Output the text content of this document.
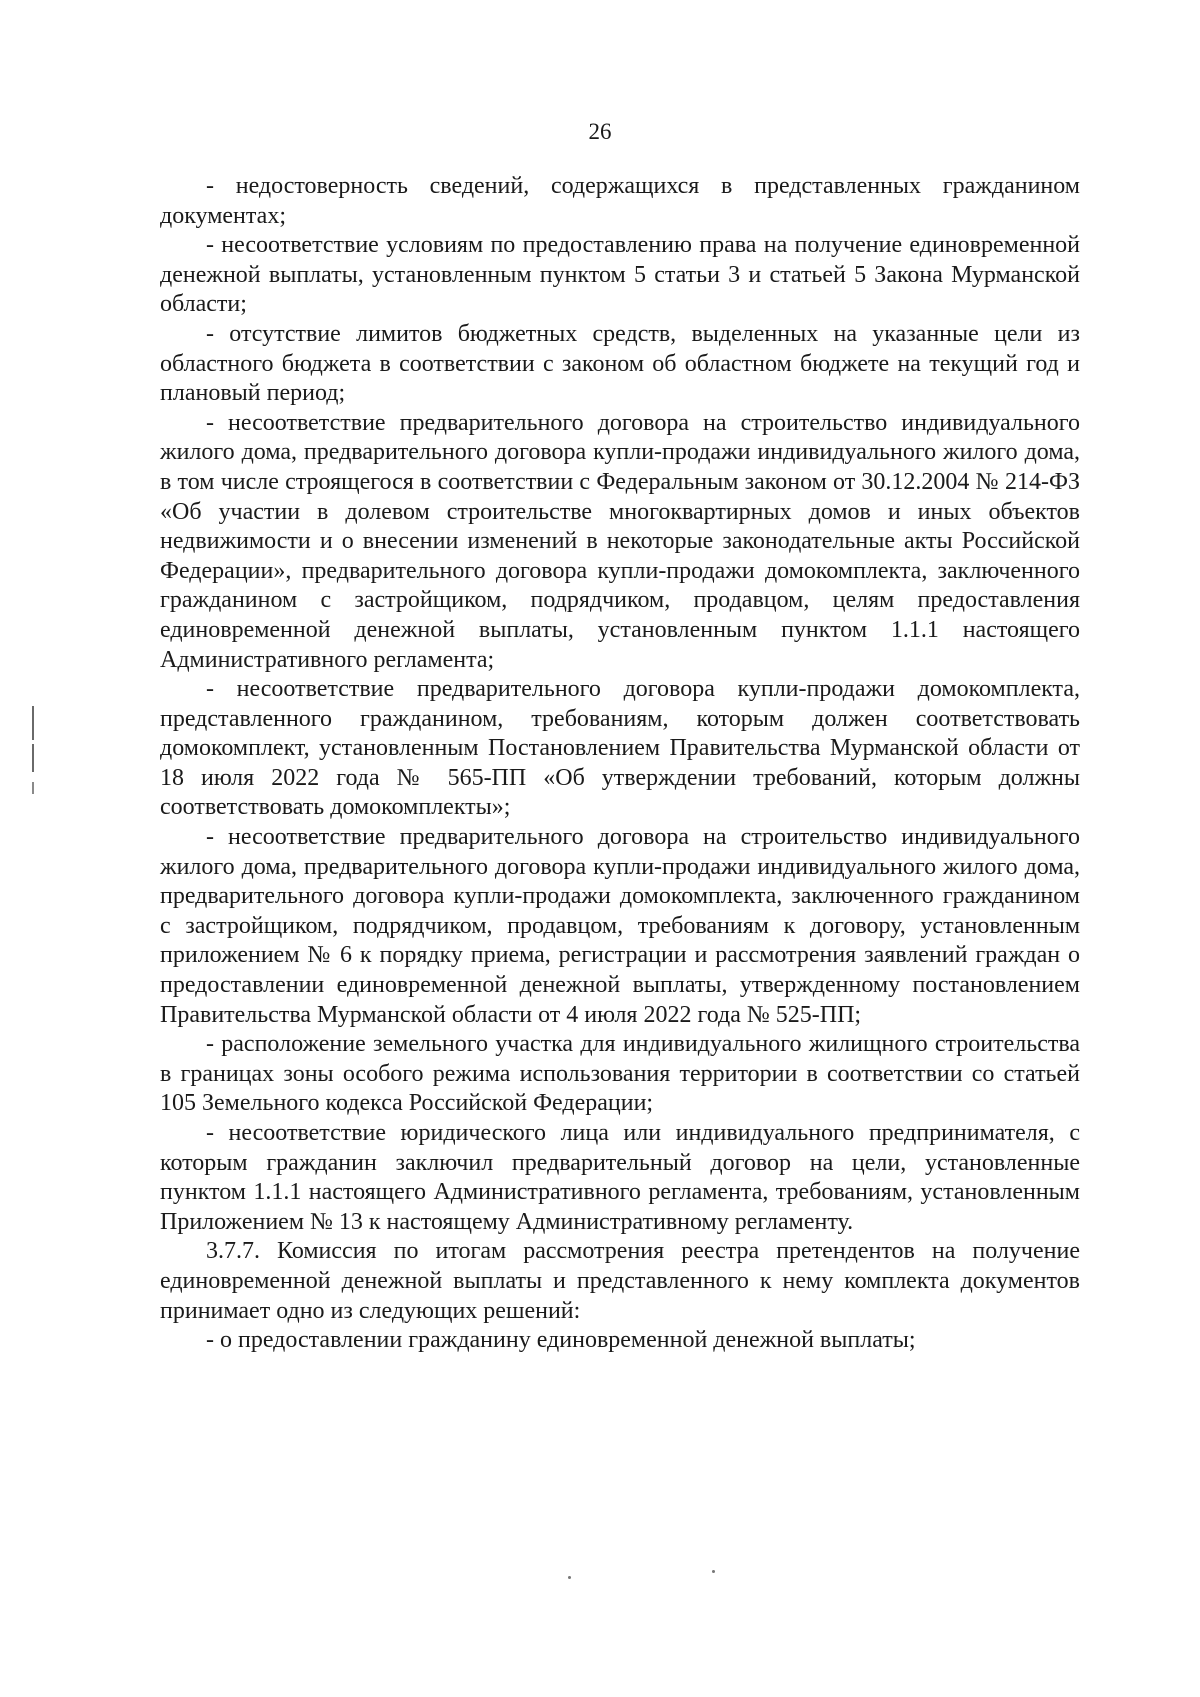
26

- недостоверность сведений, содержащихся в представленных гражданином документах;

- несоответствие условиям по предоставлению права на получение единовременной денежной выплаты, установленным пунктом 5 статьи 3 и статьей 5 Закона Мурманской области;

- отсутствие лимитов бюджетных средств, выделенных на указанные цели из областного бюджета в соответствии с законом об областном бюджете на текущий год и плановый период;

- несоответствие предварительного договора на строительство индивидуального жилого дома, предварительного договора купли-продажи индивидуального жилого дома, в том числе строящегося в соответствии с Федеральным законом от 30.12.2004 № 214-ФЗ «Об участии в долевом строительстве многоквартирных домов и иных объектов недвижимости и о внесении изменений в некоторые законодательные акты Российской Федерации», предварительного договора купли-продажи домокомплекта, заключенного гражданином с застройщиком, подрядчиком, продавцом, целям предоставления единовременной денежной выплаты, установленным пунктом 1.1.1 настоящего Административного регламента;

- несоответствие предварительного договора купли-продажи домокомплекта, представленного гражданином, требованиям, которым должен соответствовать домокомплект, установленным Постановлением Правительства Мурманской области от 18 июля 2022 года № 565-ПП «Об утверждении требований, которым должны соответствовать домокомплекты»;

- несоответствие предварительного договора на строительство индивидуального жилого дома, предварительного договора купли-продажи индивидуального жилого дома, предварительного договора купли-продажи домокомплекта, заключенного гражданином с застройщиком, подрядчиком, продавцом, требованиям к договору, установленным приложением № 6 к порядку приема, регистрации и рассмотрения заявлений граждан о предоставлении единовременной денежной выплаты, утвержденному постановлением Правительства Мурманской области от 4 июля 2022 года № 525-ПП;

- расположение земельного участка для индивидуального жилищного строительства в границах зоны особого режима использования территории в соответствии со статьей 105 Земельного кодекса Российской Федерации;

- несоответствие юридического лица или индивидуального предпринимателя, с которым гражданин заключил предварительный договор на цели, установленные пунктом 1.1.1 настоящего Административного регламента, требованиям, установленным Приложением № 13 к настоящему Административному регламенту.

3.7.7. Комиссия по итогам рассмотрения реестра претендентов на получение единовременной денежной выплаты и представленного к нему комплекта документов принимает одно из следующих решений:

- о предоставлении гражданину единовременной денежной выплаты;
